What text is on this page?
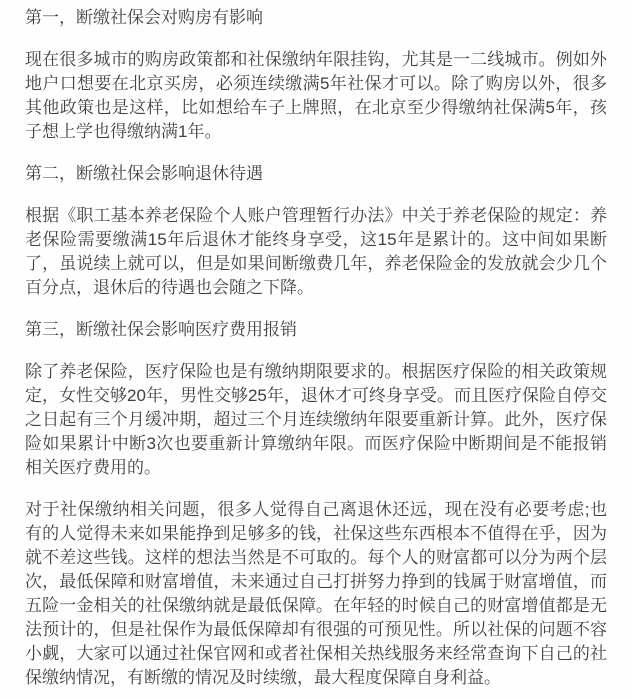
第一，断缴社保会对购房有影响

现在很多城市的购房政策都和社保缴纳年限挂钩，尤其是一二线城市。例如外地户口想要在北京买房，必须连续缴满5年社保才可以。除了购房以外，很多其他政策也是这样，比如想给车子上牌照，在北京至少得缴纳社保满5年，孩子想上学也得缴纳满1年。

第二，断缴社保会影响退休待遇

根据《职工基本养老保险个人账户管理暂行办法》中关于养老保险的规定：养老保险需要缴满15年后退休才能终身享受，这15年是累计的。这中间如果断了，虽说续上就可以，但是如果间断缴费几年，养老保险金的发放就会少几个百分点，退休后的待遇也会随之下降。

第三，断缴社保会影响医疗费用报销

除了养老保险，医疗保险也是有缴纳期限要求的。根据医疗保险的相关政策规定，女性交够20年，男性交够25年，退休才可终身享受。而且医疗保险自停交之日起有三个月缓冲期，超过三个月连续缴纳年限要重新计算。此外，医疗保险如果累计中断3次也要重新计算缴纳年限。而医疗保险中断期间是不能报销相关医疗费用的。

对于社保缴纳相关问题，很多人觉得自己离退休还远，现在没有必要考虑;也有的人觉得未来如果能挣到足够多的钱，社保这些东西根本不值得在乎，因为就不差这些钱。这样的想法当然是不可取的。每个人的财富都可以分为两个层次，最低保障和财富增值，未来通过自己打拼努力挣到的钱属于财富增值，而五险一金相关的社保缴纳就是最低保障。在年轻的时候自己的财富增值都是无法预计的，但是社保作为最低保障却有很强的可预见性。所以社保的问题不容小觑，大家可以通过社保官网和或者社保相关热线服务来经常查询下自己的社保缴纳情况，有断缴的情况及时续缴，最大程度保障自身利益。
